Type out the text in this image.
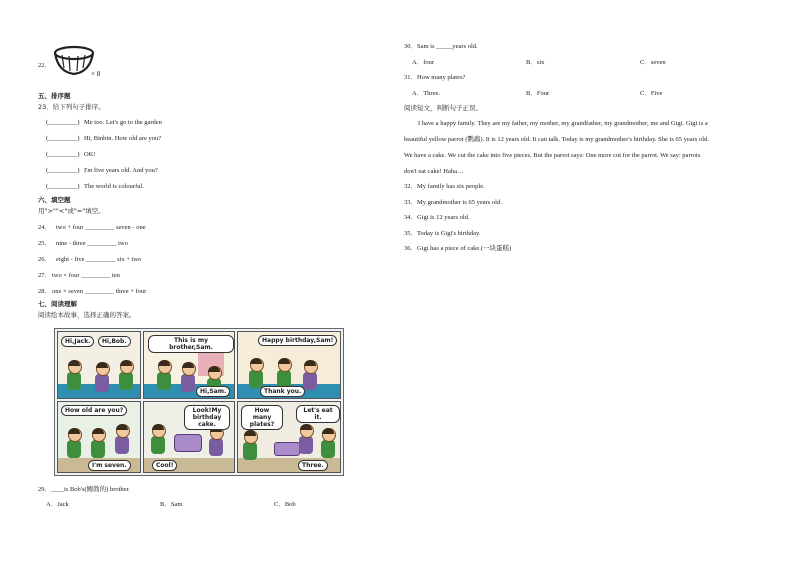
22．
× 8
五、排序题
23．给下列句子排序。
(_________) Me too. Let's go to the garden
(_________) Hi, Binbin. How old are you?
(_________) OK!
(_________) I'm five years old. And you?
(_________) The world is colourful.
六、填空题
用">""<"或"="填空。
24． two + four _________ seven - one
25． nine - three _________ two
26． eight - five _________ six + two
27． two × four _________ ten
28． one × seven _________ three + four
七、阅读理解
阅读绘本故事，选择正确的答案。
Hi,Jack.	Hi,Bob.	This is my brother,Sam.
Hi,Sam.
Happy birthday,Sam!
Thank you.
How old are you?
I'm seven.
Look!My birthday cake.
Cool!
How many plates?
Let's eat it.
Three.
29．____is Bob's(鲍勃的) brother.
A．Jack	B．Sam	C．Bob
30．Sam is _____years old.
A．four	B．six	C．seven
31．How many plates?
A．Three.	B．Four	C．Five
阅读短文，判断句子正误。
I have a happy family. They are my father, my mother, my grandfather, my grandmother, me and Gigi. Gigi is a
beautiful yellow parrot (鹦鹉). It is 12 years old. It can talk. Today is my grandmother's birthday. She is 65 years old.
We have a cake. We cut the cake into five pieces. But the parrot says: One more cut for the parrot. We say: parrots
don't eat cake! Haha…
32．My family has six people.
33．My grandmother is 65 years old.
34．Gigi is 12 years old.
35．Today is Gigi's birthday.
36．Gigi has a piece of cake.(一块蛋糕)
